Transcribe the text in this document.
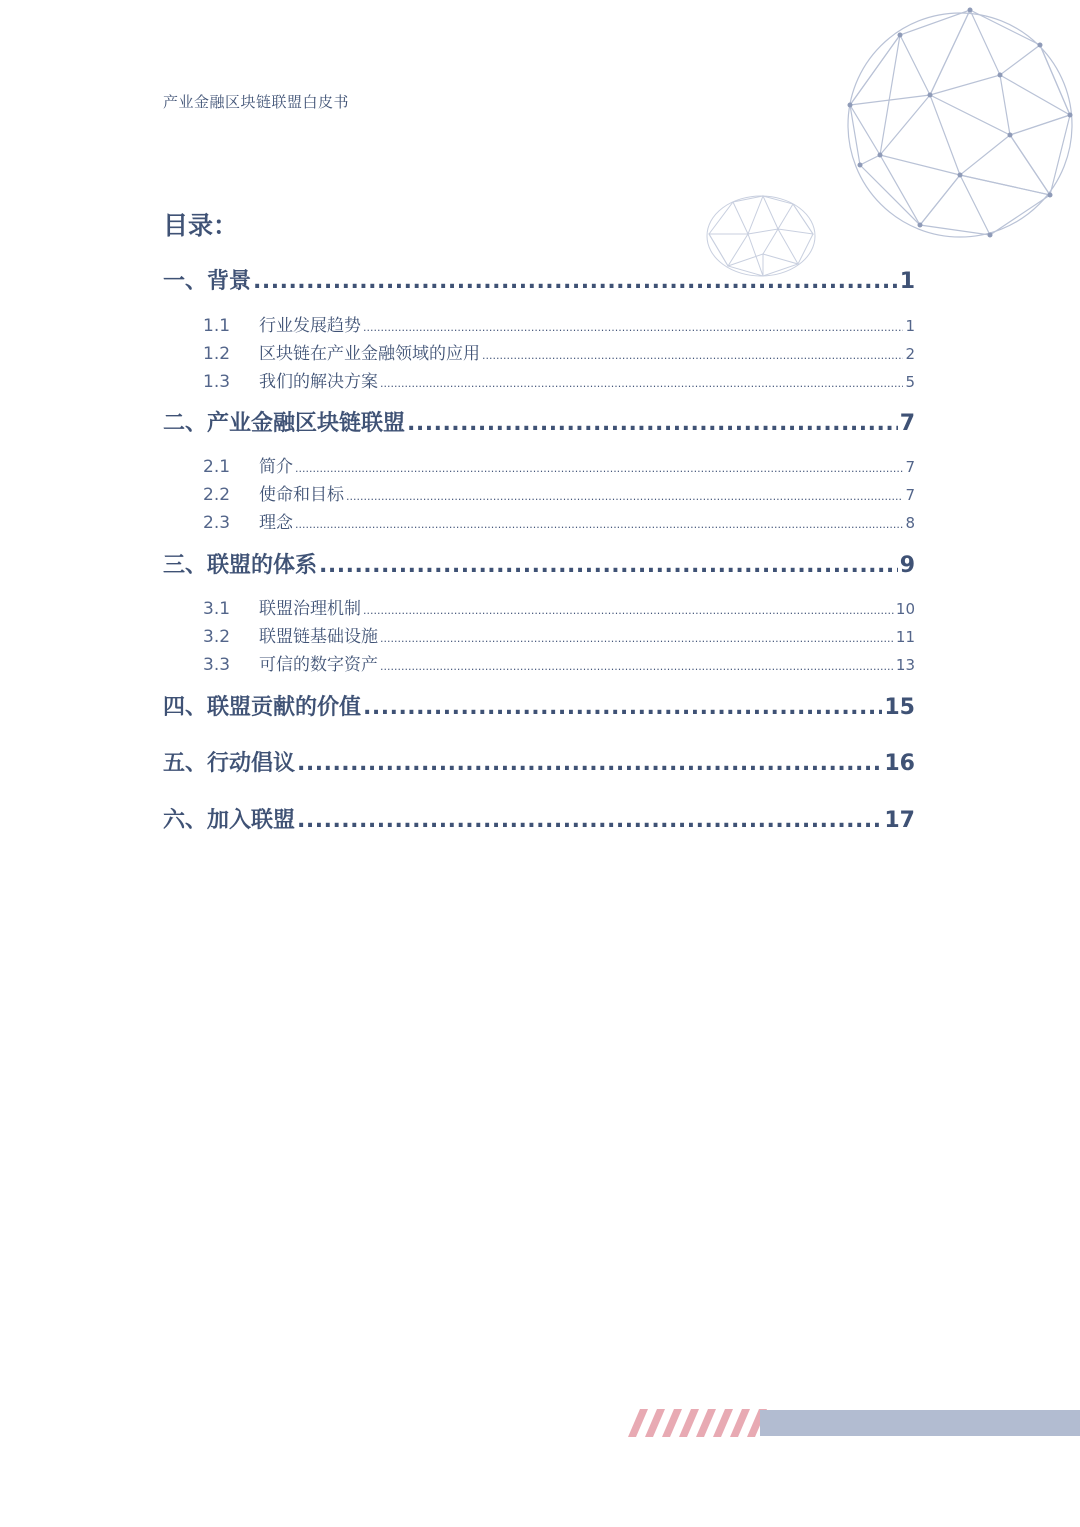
产业金融区块链联盟白皮书
目录：
一、背景 .....	1
1.1	行业发展趋势 .....	1
1.2	区块链在产业金融领域的应用 .....	2
1.3	我们的解决方案 .....	5
二、产业金融区块链联盟 .....	7
2.1	简介 .....	7
2.2	使命和目标 .....	7
2.3	理念 .....	8
三、联盟的体系 .....	9
3.1	联盟治理机制 .....	10
3.2	联盟链基础设施 .....	11
3.3	可信的数字资产 .....	13
四、联盟贡献的价值 .....	15
五、行动倡议 .....	16
六、加入联盟 .....	17
